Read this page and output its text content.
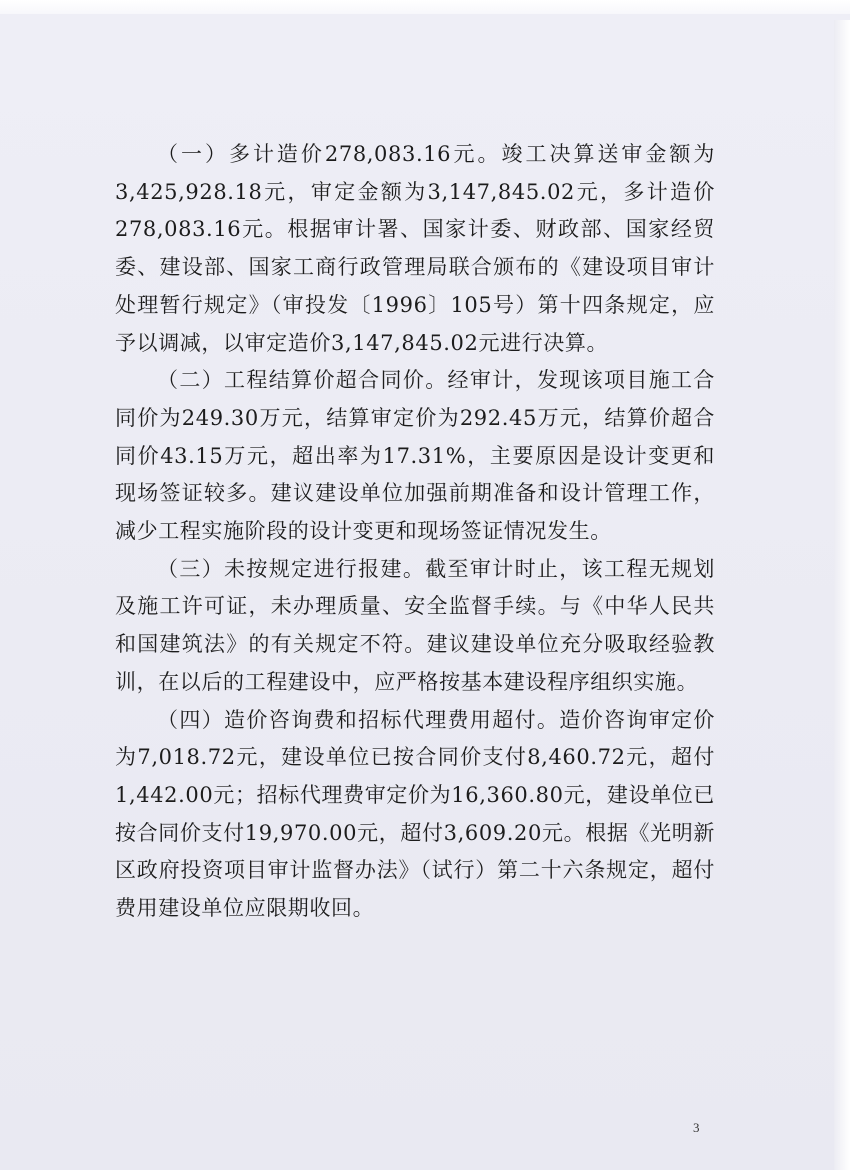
（一）多计造价278,083.16元。竣工决算送审金额为3,425,928.18元，审定金额为3,147,845.02元，多计造价278,083.16元。根据审计署、国家计委、财政部、国家经贸委、建设部、国家工商行政管理局联合颁布的《建设项目审计处理暂行规定》（审投发〔1996〕105号）第十四条规定，应予以调减，以审定造价3,147,845.02元进行决算。

（二）工程结算价超合同价。经审计，发现该项目施工合同价为249.30万元，结算审定价为292.45万元，结算价超合同价43.15万元，超出率为17.31%，主要原因是设计变更和现场签证较多。建议建设单位加强前期准备和设计管理工作，减少工程实施阶段的设计变更和现场签证情况发生。

（三）未按规定进行报建。截至审计时止，该工程无规划及施工许可证，未办理质量、安全监督手续。与《中华人民共和国建筑法》的有关规定不符。建议建设单位充分吸取经验教训，在以后的工程建设中，应严格按基本建设程序组织实施。

（四）造价咨询费和招标代理费用超付。造价咨询审定价为7,018.72元，建设单位已按合同价支付8,460.72元，超付1,442.00元；招标代理费审定价为16,360.80元，建设单位已按合同价支付19,970.00元，超付3,609.20元。根据《光明新区政府投资项目审计监督办法》（试行）第二十六条规定，超付费用建设单位应限期收回。

3
